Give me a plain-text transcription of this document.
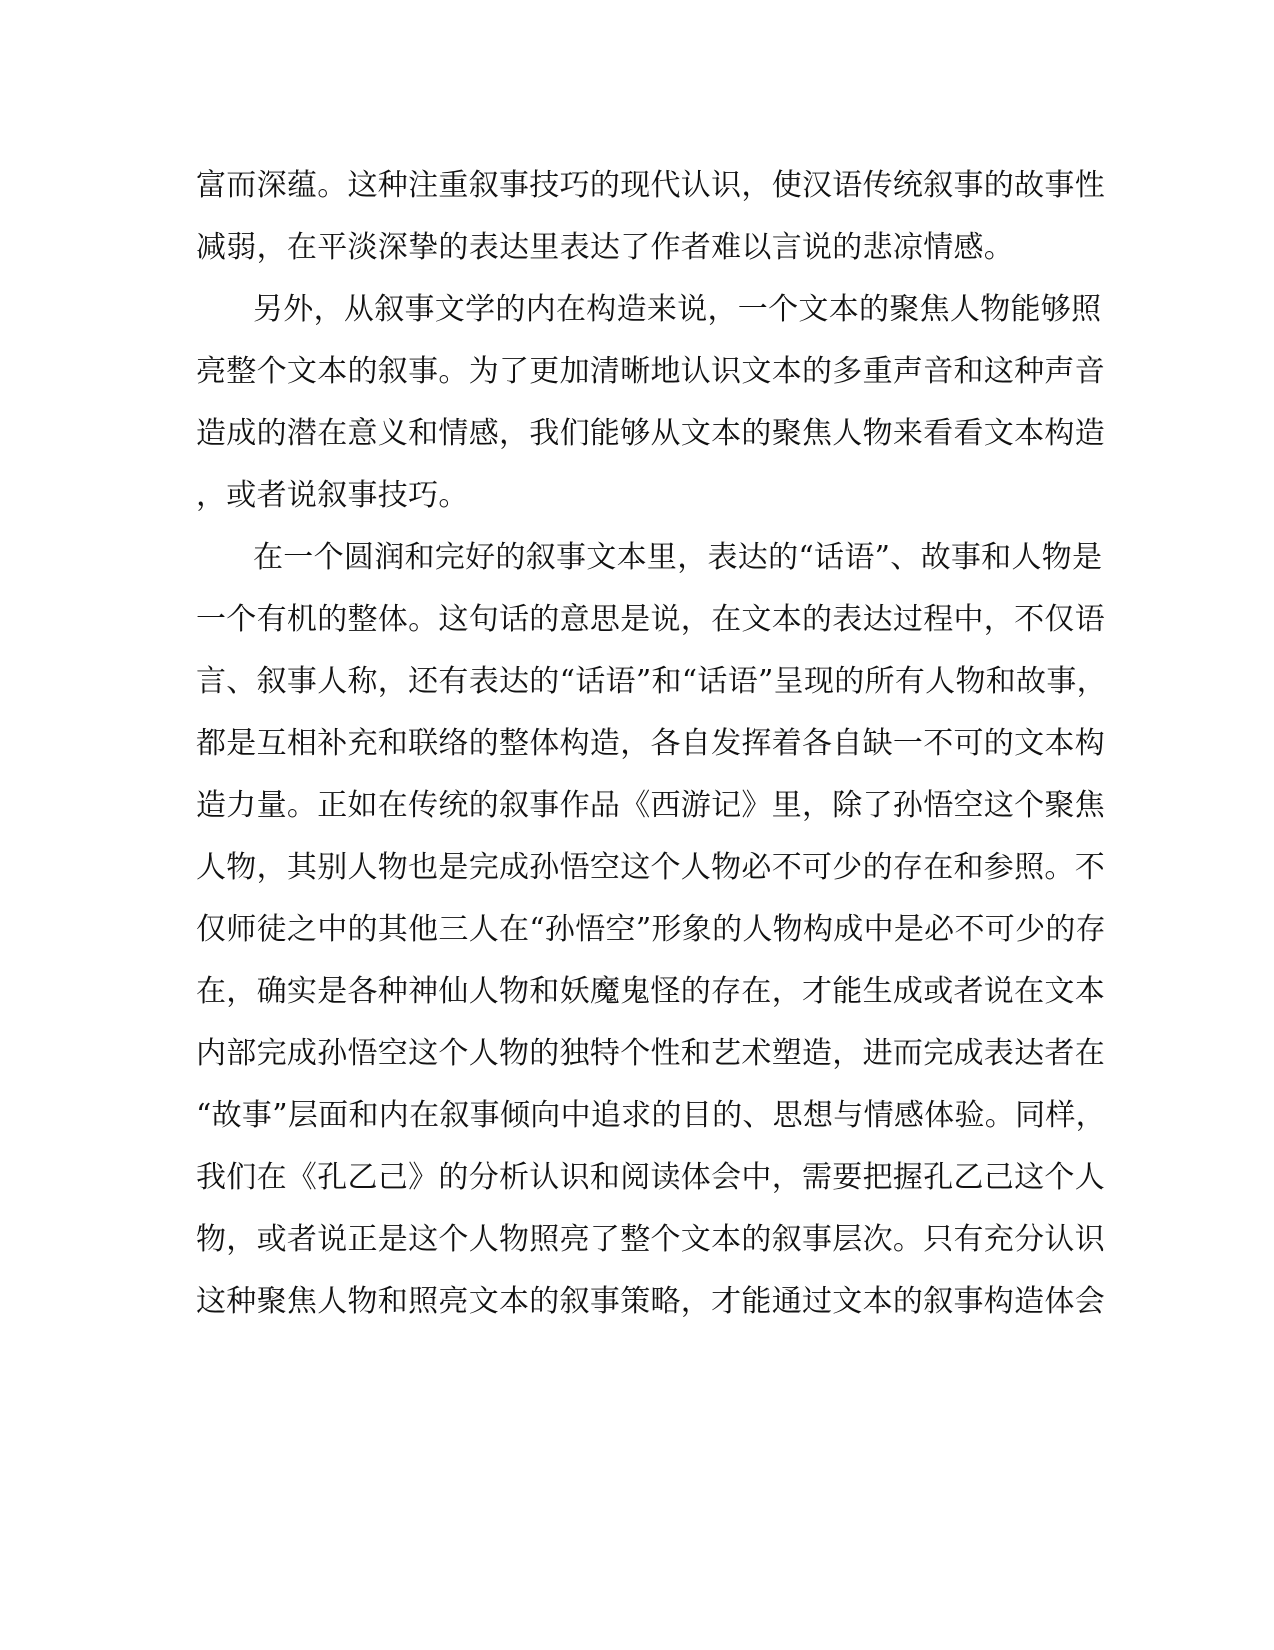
富而深蕴。这种注重叙事技巧的现代认识，使汉语传统叙事的故事性
减弱，在平淡深挚的表达里表达了作者难以言说的悲凉情感。
另外，从叙事文学的内在构造来说，一个文本的聚焦人物能够照
亮整个文本的叙事。为了更加清晰地认识文本的多重声音和这种声音
造成的潜在意义和情感，我们能够从文本的聚焦人物来看看文本构造
，或者说叙事技巧。
在一个圆润和完好的叙事文本里，表达的“话语”、故事和人物是
一个有机的整体。这句话的意思是说，在文本的表达过程中，不仅语
言、叙事人称，还有表达的“话语”和“话语”呈现的所有人物和故事，
都是互相补充和联络的整体构造，各自发挥着各自缺一不可的文本构
造力量。正如在传统的叙事作品《西游记》里，除了孙悟空这个聚焦
人物，其别人物也是完成孙悟空这个人物必不可少的存在和参照。不
仅师徒之中的其他三人在“孙悟空”形象的人物构成中是必不可少的存
在，确实是各种神仙人物和妖魔鬼怪的存在，才能生成或者说在文本
内部完成孙悟空这个人物的独特个性和艺术塑造，进而完成表达者在
“故事”层面和内在叙事倾向中追求的目的、思想与情感体验。同样，
我们在《孔乙己》的分析认识和阅读体会中，需要把握孔乙己这个人
物，或者说正是这个人物照亮了整个文本的叙事层次。只有充分认识
这种聚焦人物和照亮文本的叙事策略，才能通过文本的叙事构造体会
